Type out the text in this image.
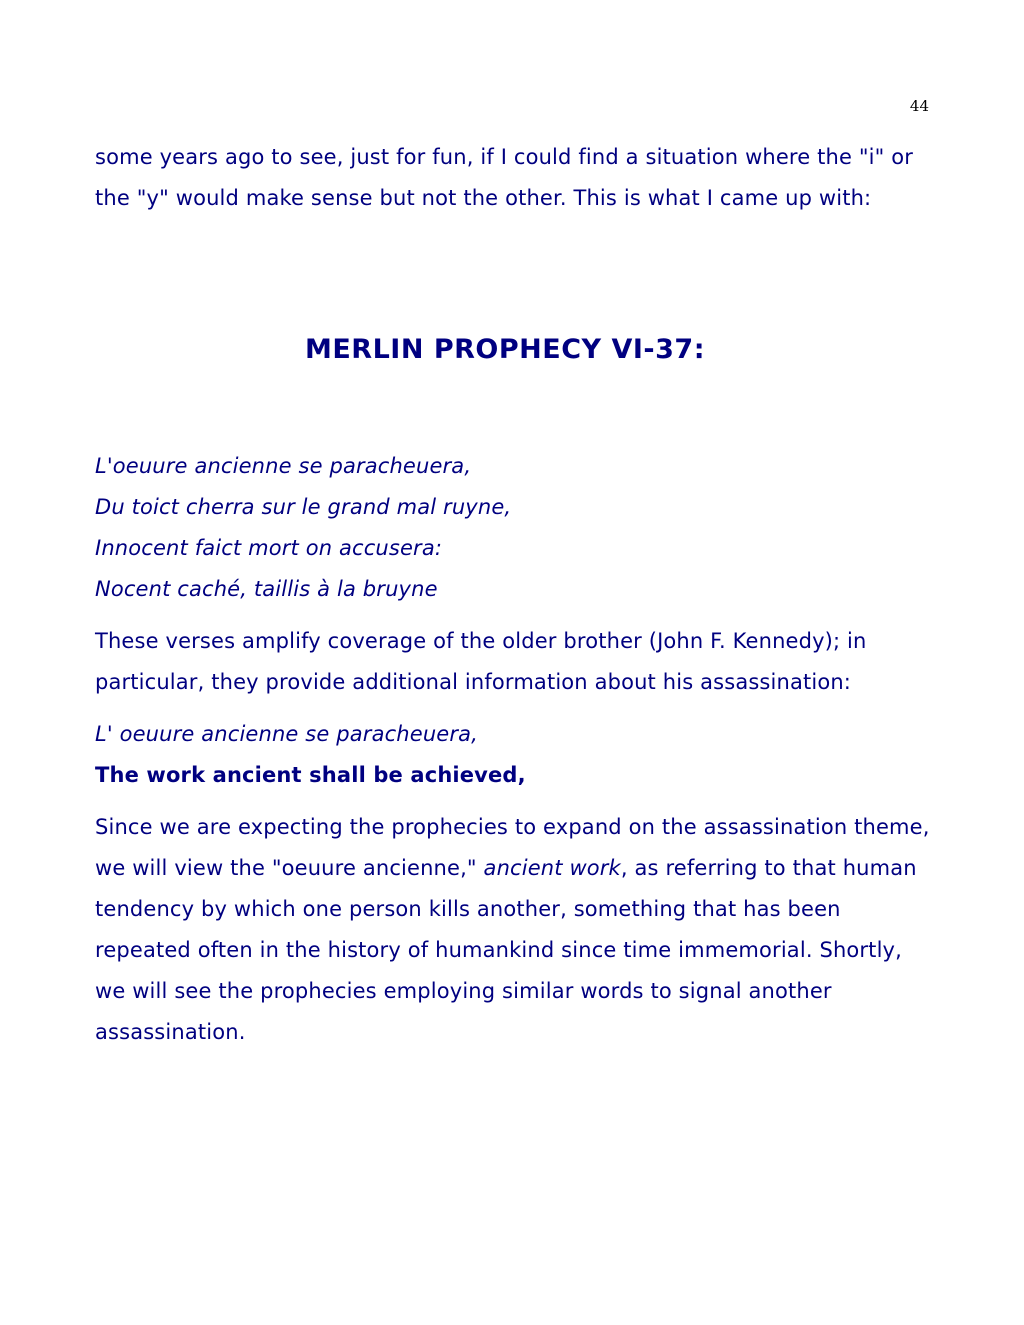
44

some years ago to see, just for fun, if I could find a situation where the "i" or the "y" would make sense but not the other. This is what I came up with:

MERLIN PROPHECY VI-37:
L'oeuure ancienne se paracheuera,
Du toict cherra sur le grand mal ruyne,
Innocent faict mort on accusera:
Nocent caché, taillis à la bruyne

These verses amplify coverage of the older brother (John F. Kennedy); in particular, they provide additional information about his assassination:

L' oeuure ancienne se paracheuera,
The work ancient shall be achieved,

Since we are expecting the prophecies to expand on the assassination theme, we will view the "oeuure ancienne," ancient work, as referring to that human tendency by which one person kills another, something that has been repeated often in the history of humankind since time immemorial. Shortly, we will see the prophecies employing similar words to signal another assassination.
